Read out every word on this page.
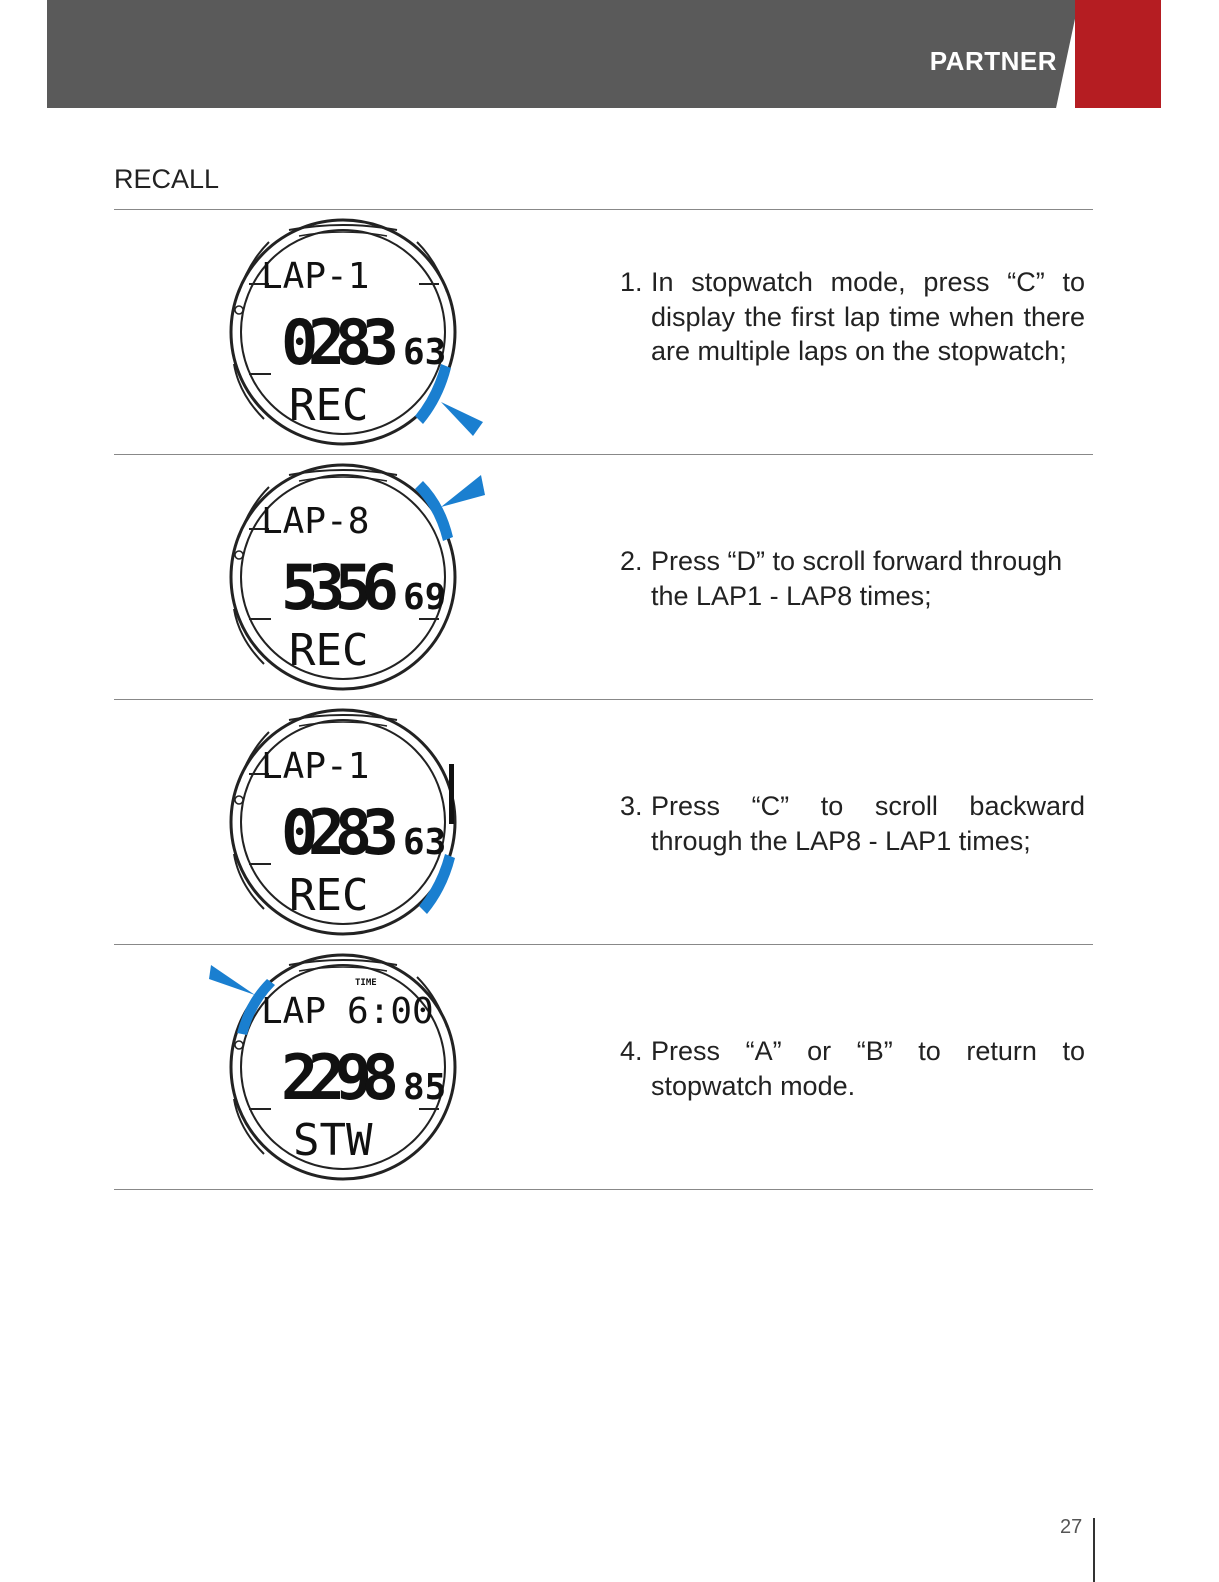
PARTNER
RECALL
LAP-1
0283 63
REC
1. In stopwatch mode, press “C” to display the first lap time when there are multiple laps on the stopwatch;
LAP-8
5356 69
REC
2. Press “D” to scroll forward through the LAP1 - LAP8 times;
LAP-1
0283 63
REC
3. Press “C” to scroll backward through the LAP8 - LAP1 times;
TIME
LAP 6:00
2298 85
STW
4. Press “A” or “B” to return to stopwatch mode.
27
